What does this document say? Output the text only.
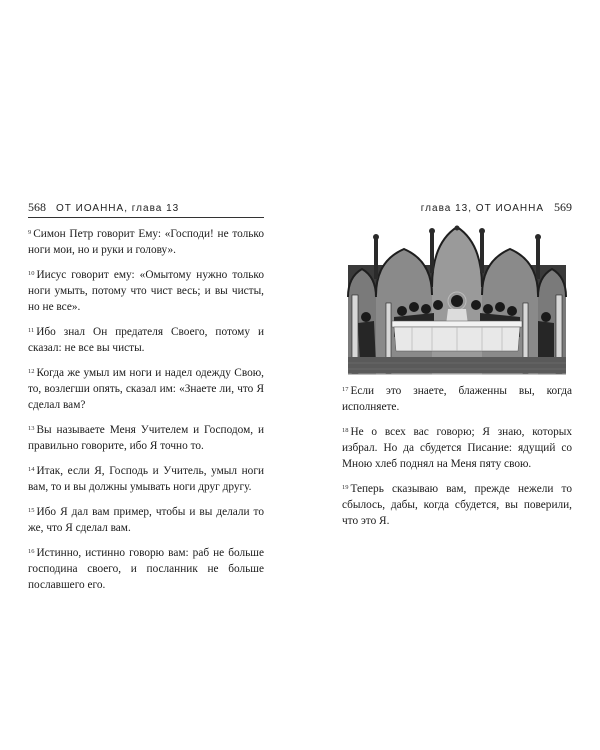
568 ОТ ИОАННА, глава 13

$^9$ Симон Петр говорит Ему: «Господи! не только ноги мои, но и руки и голову».

$^{10}$ Иисус говорит ему: «Омытому нужно только ноги умыть, потому что чист весь; и вы чисты, но не все».

$^{11}$ Ибо знал Он предателя Своего, потому и сказал: не все вы чисты.

$^{12}$ Когда же умыл им ноги и надел одежду Свою, то, возлегши опять, сказал им: «Знаете ли, что Я сделал вам?

$^{13}$ Вы называете Меня Учителем и Господом, и правильно говорите, ибо Я точно то.

$^{14}$ Итак, если Я, Господь и Учитель, умыл ноги вам, то и вы должны умывать ноги друг другу.

$^{15}$ Ибо Я дал вам пример, чтобы и вы делали то же, что Я сделал вам.

$^{16}$ Истинно, истинно говорю вам: раб не больше господина своего, и посланник не больше пославшего его.

глава 13, ОТ ИОАННА 569

$^{17}$ Если это знаете, блаженны вы, когда исполняете.

$^{18}$ Не о всех вас говорю; Я знаю, которых избрал. Но да сбудется Писание: ядущий со Мною хлеб поднял на Меня пяту свою.

$^{19}$ Теперь сказываю вам, прежде нежели то сбылось, дабы, когда сбудется, вы поверили, что это Я.
